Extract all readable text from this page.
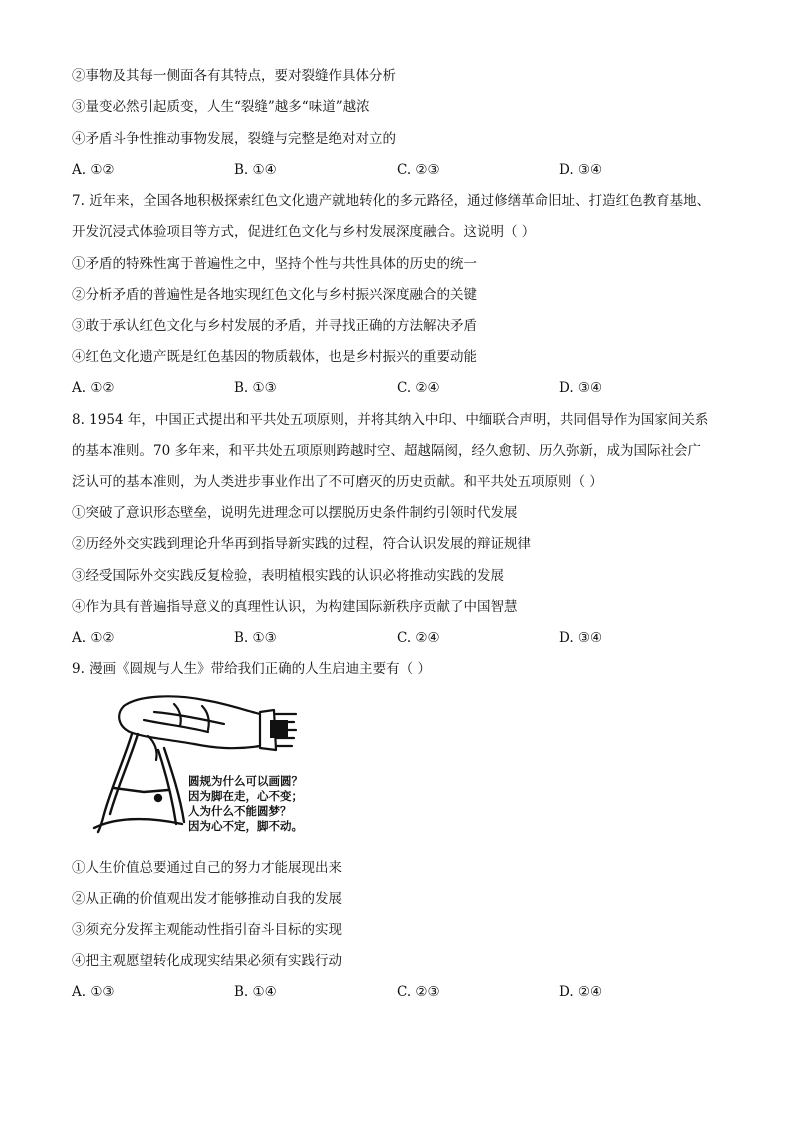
②事物及其每一侧面各有其特点，要对裂缝作具体分析
③量变必然引起质变，人生“裂缝”越多“味道”越浓
④矛盾斗争性推动事物发展，裂缝与完整是绝对对立的
A. ①②	B. ①④	C. ②③	D. ③④
7. 近年来，全国各地积极探索红色文化遗产就地转化的多元路径，通过修缮革命旧址、打造红色教育基地、
开发沉浸式体验项目等方式，促进红色文化与乡村发展深度融合。这说明（ ）
①矛盾的特殊性寓于普遍性之中，坚持个性与共性具体的历史的统一
②分析矛盾的普遍性是各地实现红色文化与乡村振兴深度融合的关键
③敢于承认红色文化与乡村发展的矛盾，并寻找正确的方法解决矛盾
④红色文化遗产既是红色基因的物质载体，也是乡村振兴的重要动能
A. ①②	B. ①③	C. ②④	D. ③④
8. 1954 年，中国正式提出和平共处五项原则，并将其纳入中印、中缅联合声明，共同倡导作为国家间关系
的基本准则。70 多年来，和平共处五项原则跨越时空、超越隔阂，经久愈韧、历久弥新，成为国际社会广
泛认可的基本准则，为人类进步事业作出了不可磨灭的历史贡献。和平共处五项原则（ ）
①突破了意识形态壁垒，说明先进理念可以摆脱历史条件制约引领时代发展
②历经外交实践到理论升华再到指导新实践的过程，符合认识发展的辩证规律
③经受国际外交实践反复检验，表明植根实践的认识必将推动实践的发展
④作为具有普遍指导意义的真理性认识，为构建国际新秩序贡献了中国智慧
A. ①②	B. ①③	C. ②④	D. ③④
9. 漫画《圆规与人生》带给我们正确的人生启迪主要有（ ）
圆规为什么可以画圆？
因为脚在走，心不变；
人为什么不能圆梦？
因为心不定，脚不动。
①人生价值总要通过自己的努力才能展现出来
②从正确的价值观出发才能够推动自我的发展
③须充分发挥主观能动性指引奋斗目标的实现
④把主观愿望转化成现实结果必须有实践行动
A. ①③	B. ①④	C. ②③	D. ②④
